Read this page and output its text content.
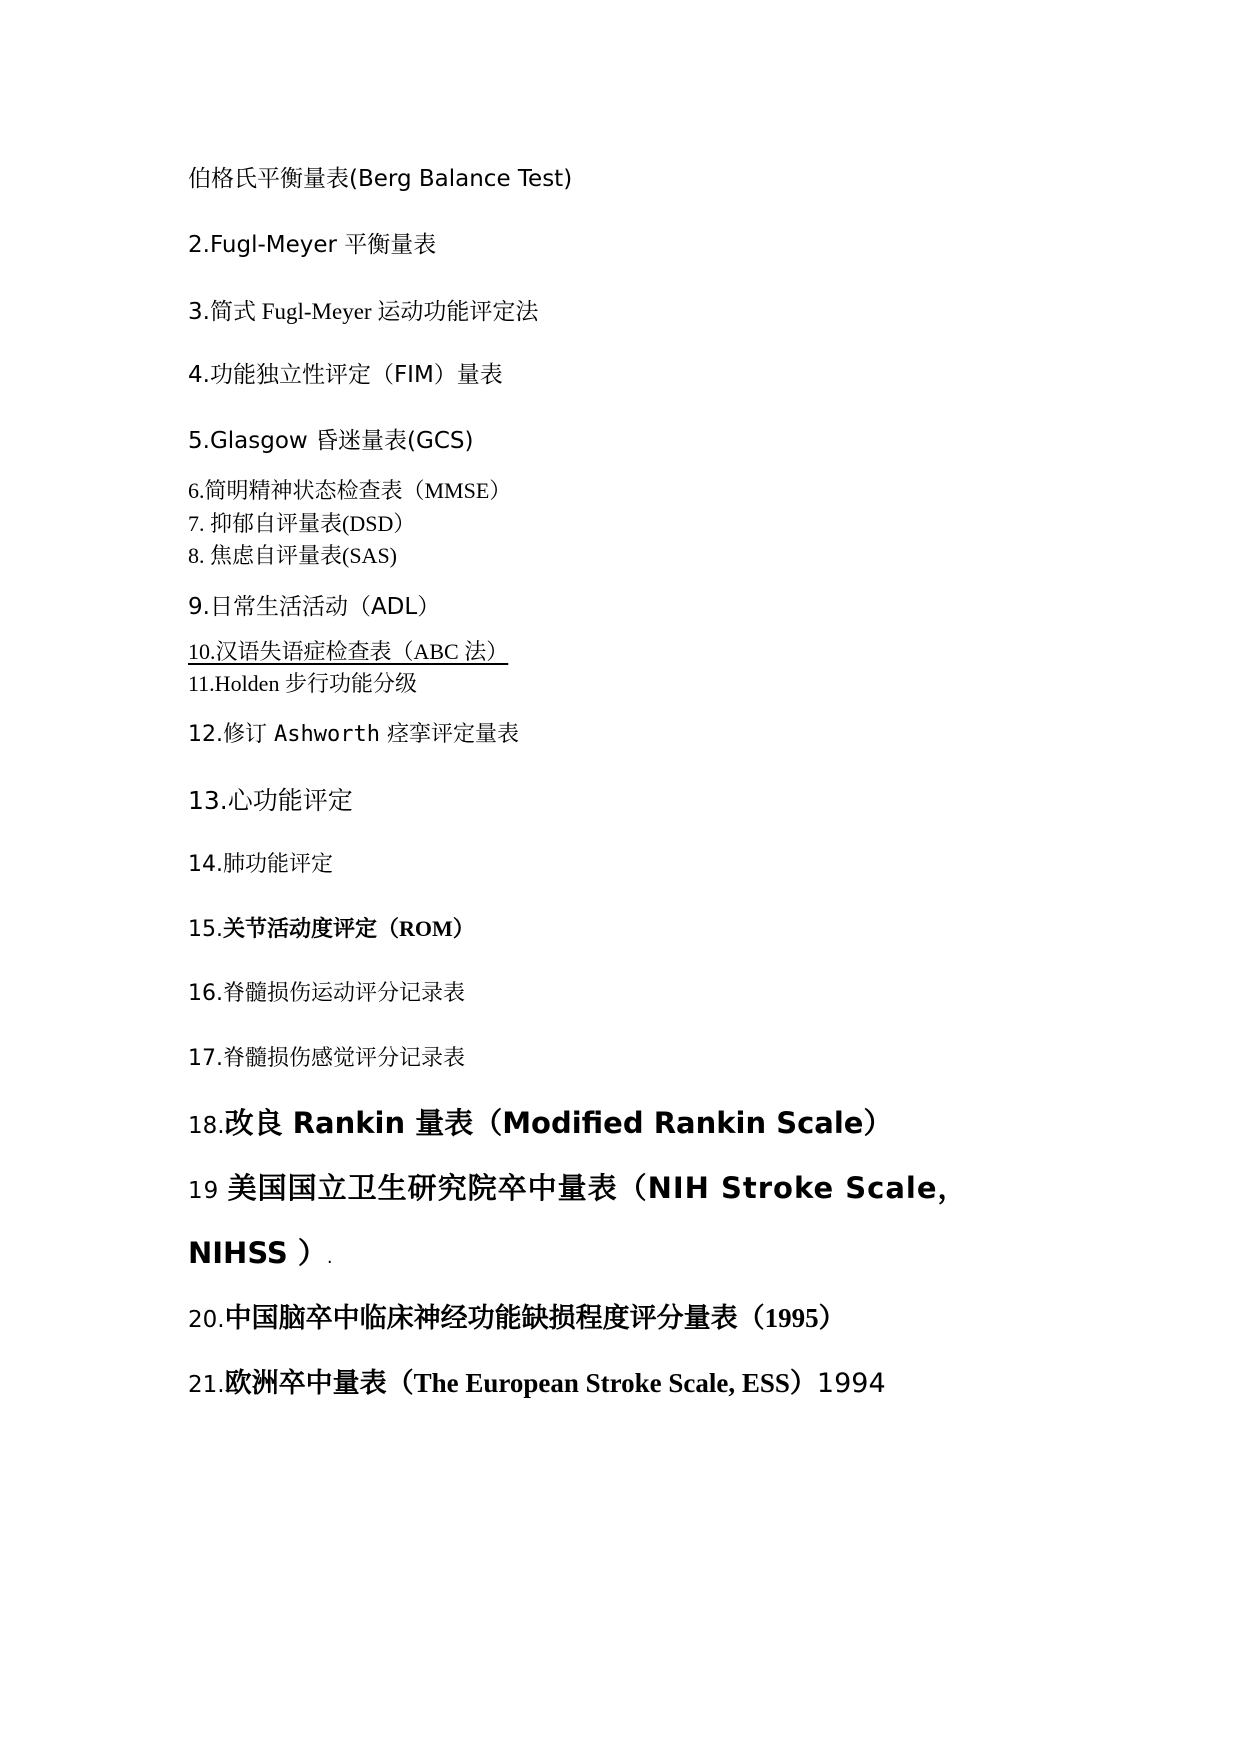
伯格氏平衡量表(Berg Balance Test)
2.Fugl-Meyer 平衡量表
3.简式 Fugl-Meyer 运动功能评定法
4.功能独立性评定（FIM）量表
5.Glasgow 昏迷量表(GCS)
6.简明精神状态检查表（MMSE）
7. 抑郁自评量表(DSD）
8. 焦虑自评量表(SAS)
9.日常生活活动（ADL）
10.汉语失语症检查表（ABC 法）
11.Holden 步行功能分级
12.修订 Ashworth 痉挛评定量表
13.心功能评定
14.肺功能评定
15.关节活动度评定（ROM）
16.脊髓损伤运动评分记录表
17.脊髓损伤感觉评分记录表
18.改良 Rankin 量表（Modified Rankin Scale）
19 美国国立卫生研究院卒中量表（NIH Stroke Scale，
NIHSS ）.
20.中国脑卒中临床神经功能缺损程度评分量表（1995）
21.欧洲卒中量表（The European Stroke Scale, ESS）1994
